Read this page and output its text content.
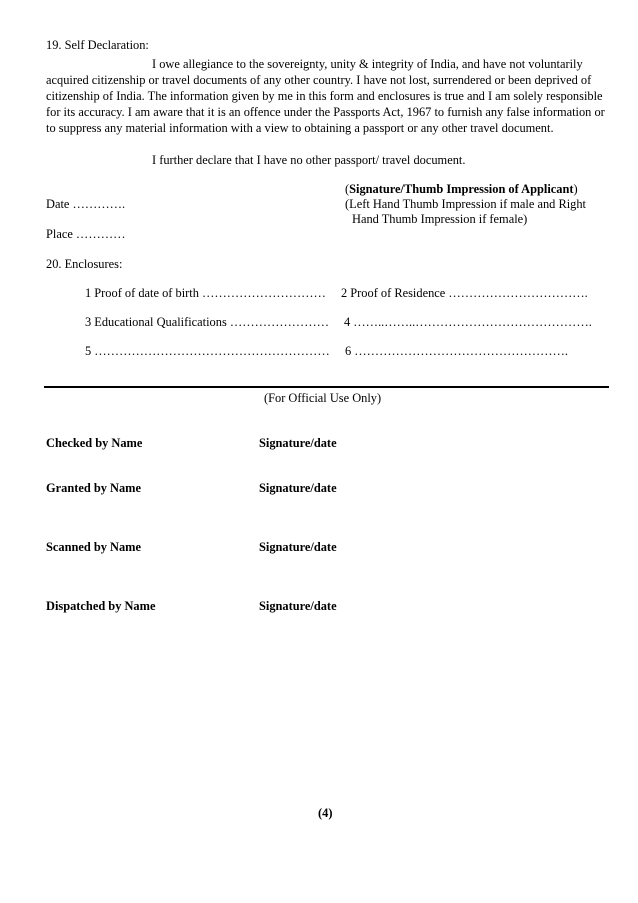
19. Self Declaration:
I owe allegiance to the sovereignty, unity & integrity of India, and have not voluntarily acquired citizenship or travel documents of any other country. I have not lost, surrendered or been deprived of citizenship of India. The information given by me in this form and enclosures is true and I am solely responsible for its accuracy. I am aware that it is an offence under the Passports Act, 1967 to furnish any false information or to suppress any material information with a view to obtaining a passport or any other travel document.
I further declare that I have no other passport/ travel document.
(Signature/Thumb Impression of Applicant)
Date ………….	(Left Hand Thumb Impression if male and Right
Hand Thumb Impression if female)
Place …………
20. Enclosures:
1 Proof of date of birth ………………………… 2 Proof of Residence …………………………….
3 Educational Qualifications …………………… 4 ……..……..…………………………………….
5 ………………………………………………… 6 …………………………………………….
(For Official Use Only)
Checked by Name	Signature/date
Granted by Name	Signature/date
Scanned by Name	Signature/date
Dispatched by Name	Signature/date
(4)
